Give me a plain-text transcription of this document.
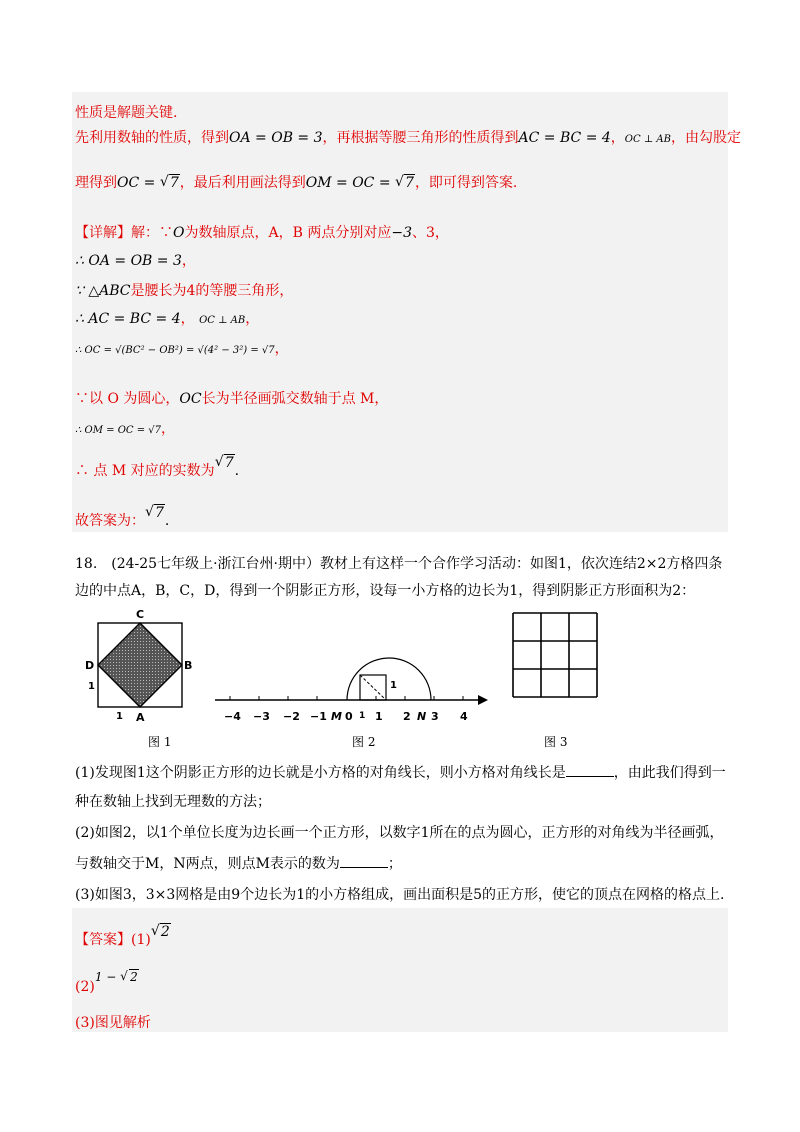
性质是解题关键.
先利用数轴的性质，得到OA = OB = 3，再根据等腰三角形的性质得到AC = BC = 4，OC ⊥ AB，由勾股定
理得到OC = √ 7，最后利用画法得到OM = OC = √ 7，即可得到答案.
【详解】解：∵O为数轴原点，A，B 两点分别对应−3、3，
∴ OA = OB = 3，
∵ △ABC是腰长为4的等腰三角形，
∴ AC = BC = 4， OC ⊥ AB，
∴ OC = √(BC² − OB²) = √(4² − 3²) = √7，
∵以 O 为圆心，OC长为半径画弧交数轴于点 M，
∴ OM = OC = √7，
∴ 点 M 对应的实数为 √ 7.
故答案为： √ 7.
18.　(24-25七年级上·浙江台州·期中）教材上有这样一个合作学习活动：如图1，依次连结2×2方格四条
边的中点A，B，C，D，得到一个阴影正方形，设每一小方格的边长为1，得到阴影正方形面积为2：
C
D	B
A
1
1
1
−4 −3 −2 −1 M 0 1 1 2 N 3 4
图 1	图 2	图 3
(1)发现图1这个阴影正方形的边长就是小方格的对角线长，则小方格对角线长是	，由此我们得到一
种在数轴上找到无理数的方法；
(2)如图2，以1个单位长度为边长画一个正方形，以数字1所在的点为圆心，正方形的对角线为半径画弧，
与数轴交于M，N两点，则点M表示的数为	；
(3)如图3，3×3网格是由9个边长为1的小方格组成，画出面积是5的正方形，使它的顶点在网格的格点上.
【答案】(1) √ 2
(2)1 − √ 2
(3)图见解析
